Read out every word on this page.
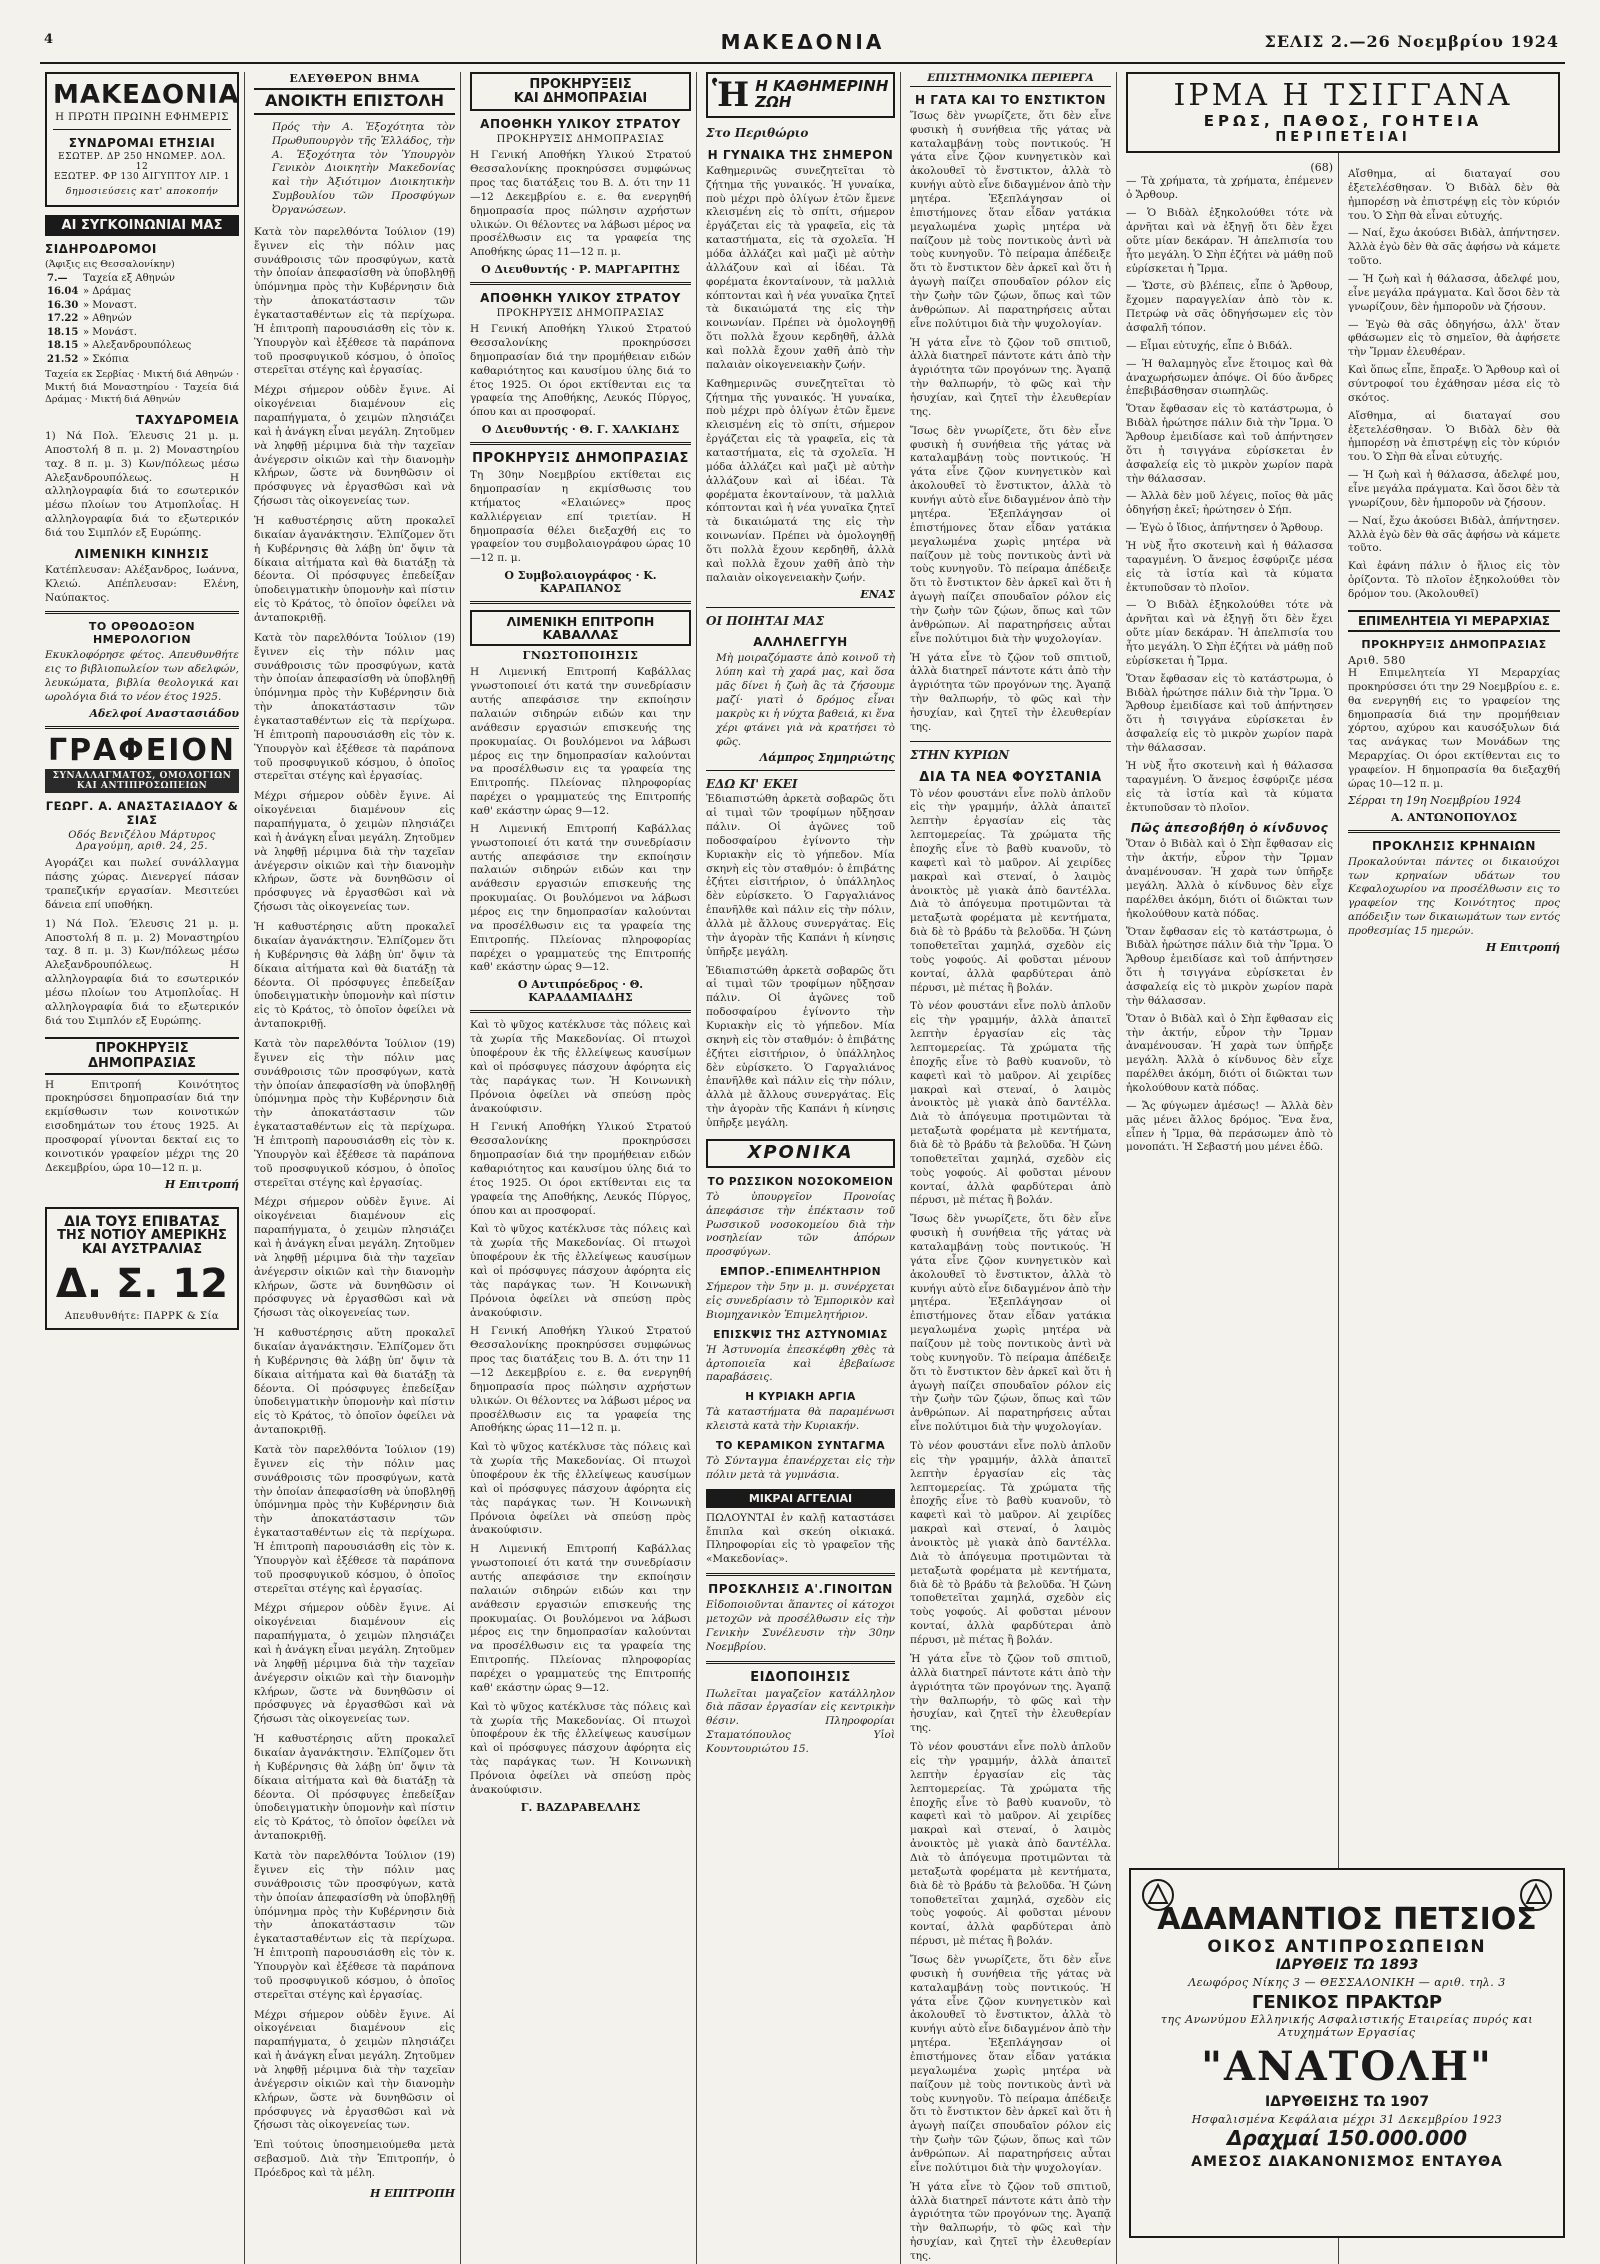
4	ΜΑΚΕΔΟΝΙΑ	ΣΕΛΙΣ 2.—26 Νοεμβρίου 1924
ΜΑΚΕΔΟΝΙΑ
Η ΠΡΩΤΗ ΠΡΩΙΝΗ ΕΦΗΜΕΡΙΣ
ΣΥΝΔΡΟΜΑΙ ΕΤΗΣΙΑΙ
ΕΣΩΤΕΡ. ΔΡ 250 ΗΝΩΜΕΡ. ΔΟΛ. 12
ΕΞΩΤΕΡ. ΦΡ 130 ΑΙΓΥΠΤΟΥ ΛΙΡ. 1
δημοσιεύσεις κατ' αποκοπήν
ΑΙ ΣΥΓΚΟΙΝΩΝΙΑΙ ΜΑΣ
ΣΙΔΗΡΟΔΡΟΜΟΙ
(Άφιξις εις Θεσσαλονίκην)
7.—	Ταχεία εξ Αθηνών
16.04	» Δράμας
16.30	» Μοναστ.
17.22	» Αθηνών
18.15	» Μονάστ.
18.15	» Αλεξανδρουπόλεως
21.52	» Σκόπια
Ταχεία εκ Σερβίας · Μικτή διά Αθηνών · Μικτή διά Μοναστηρίου · Ταχεία διά Δράμας · Μικτή διά Αθηνών
ΤΑΧΥΔΡΟΜΕΙΑ
1) Νά Πολ. Έλευσις 21 μ. μ. Αποστολή 8 π. μ. 2) Μοναστηρίου ταχ. 8 π. μ. 3) Κων/πόλεως μέσω Αλεξανδρουπόλεως. Η αλληλογραφία διά το εσωτερικόν μέσω πλοίων του Ατμοπλοΐας. Η αλληλογραφία διά το εξωτερικόν διά του Σιμπλόν εξ Ευρώπης.
ΛΙΜΕΝΙΚΗ ΚΙΝΗΣΙΣ
Κατέπλευσαν: Αλέξανδρος, Ιωάννα, Κλειώ. Απέπλευσαν: Ελένη, Ναύπακτος.
ΤΟ ΟΡΘΟΔΟΞΟΝ ΗΜΕΡΟΛΟΓΙΟΝ
Εκυκλοφόρησε φέτος. Απευθυνθήτε εις το βιβλιοπωλείον των αδελφών, λευκώματα, βιβλία θεολογικά και ωρολόγια διά το νέον έτος 1925.
Αδελφοί Αναστασιάδου
ΓΡΑΦΕΙΟΝ
ΣΥΝΑΛΛΑΓΜΑΤΟΣ, ΟΜΟΛΟΓΙΩΝ ΚΑΙ ΑΝΤΙΠΡΟΣΩΠΕΙΩΝ
ΓΕΩΡΓ. Α. ΑΝΑΣΤΑΣΙΑΔΟΥ & ΣΙΑΣ
Οδός Βενιζέλου Μάρτυρος Δραγούμη, αριθ. 24, 25.
Αγοράζει και πωλεί συνάλλαγμα πάσης χώρας. Διενεργεί πάσαν τραπεζικήν εργασίαν. Μεσιτεύει δάνεια επί υποθήκη.
1) Νά Πολ. Έλευσις 21 μ. μ. Αποστολή 8 π. μ. 2) Μοναστηρίου ταχ. 8 π. μ. 3) Κων/πόλεως μέσω Αλεξανδρουπόλεως. Η αλληλογραφία διά το εσωτερικόν μέσω πλοίων του Ατμοπλοΐας. Η αλληλογραφία διά το εξωτερικόν διά του Σιμπλόν εξ Ευρώπης.
ΠΡΟΚΗΡΥΞΙΣ ΔΗΜΟΠΡΑΣΙΑΣ
Η Επιτροπή Κοινότητος προκηρύσσει δημοπρασίαν διά την εκμίσθωσιν των κοινοτικών εισοδημάτων του έτους 1925. Αι προσφοραί γίνονται δεκταί εις το κοινοτικόν γραφείον μέχρι της 20 Δεκεμβρίου, ώρα 10—12 π. μ.
Η Επιτροπή
ΔΙΑ ΤΟΥΣ ΕΠΙΒΑΤΑΣ
ΤΗΣ ΝΟΤΙΟΥ ΑΜΕΡΙΚΗΣ
ΚΑΙ ΑΥΣΤΡΑΛΙΑΣ
Δ. Σ. 12
Απευθυνθήτε: ΠΑΡΡΚ & Σία
ΕΛΕΥΘΕΡΟΝ ΒΗΜΑ
ΑΝΟΙΚΤΗ ΕΠΙΣΤΟΛΗ
Πρός τὴν Α. Ἐξοχότητα τὸν Πρωθυπουργὸν τῆς Ἑλλάδος, τὴν Α. Ἐξοχότητα τὸν Ὑπουργὸν Γενικὸν Διοικητὴν Μακεδονίας καὶ τὴν Ἀξιότιμον Διοικητικὴν Συμβουλίου τῶν Προσφύγων Ὀργανώσεων.
Κατὰ τὸν παρελθόντα Ἰούλιον (19) ἔγινεν εἰς τὴν πόλιν μας συνάθροισις τῶν προσφύγων, κατὰ τὴν ὁποίαν ἀπεφασίσθη νὰ ὑποβληθῇ ὑπόμνημα πρὸς τὴν Κυβέρνησιν διὰ τὴν ἀποκατάστασιν τῶν ἐγκατασταθέντων εἰς τὰ περίχωρα. Ἡ ἐπιτροπὴ παρουσιάσθη εἰς τὸν κ. Ὑπουργὸν καὶ ἐξέθεσε τὰ παράπονα τοῦ προσφυγικοῦ κόσμου, ὁ ὁποῖος στερεῖται στέγης καὶ ἐργασίας.
Μέχρι σήμερον οὐδὲν ἔγινε. Αἱ οἰκογένειαι διαμένουν εἰς παραπήγματα, ὁ χειμὼν πλησιάζει καὶ ἡ ἀνάγκη εἶναι μεγάλη. Ζητοῦμεν νὰ ληφθῇ μέριμνα διὰ τὴν ταχεῖαν ἀνέγερσιν οἰκιῶν καὶ τὴν διανομὴν κλήρων, ὥστε νὰ δυνηθῶσιν οἱ πρόσφυγες νὰ ἐργασθῶσι καὶ νὰ ζήσωσι τὰς οἰκογενείας των.
Ἡ καθυστέρησις αὕτη προκαλεῖ δικαίαν ἀγανάκτησιν. Ἐλπίζομεν ὅτι ἡ Κυβέρνησις θὰ λάβῃ ὑπ' ὄψιν τὰ δίκαια αἰτήματα καὶ θὰ διατάξῃ τὰ δέοντα. Οἱ πρόσφυγες ἐπεδείξαν ὑποδειγματικὴν ὑπομονὴν καὶ πίστιν εἰς τὸ Κράτος, τὸ ὁποῖον ὀφείλει νὰ ἀνταποκριθῇ.
Κατὰ τὸν παρελθόντα Ἰούλιον (19) ἔγινεν εἰς τὴν πόλιν μας συνάθροισις τῶν προσφύγων, κατὰ τὴν ὁποίαν ἀπεφασίσθη νὰ ὑποβληθῇ ὑπόμνημα πρὸς τὴν Κυβέρνησιν διὰ τὴν ἀποκατάστασιν τῶν ἐγκατασταθέντων εἰς τὰ περίχωρα. Ἡ ἐπιτροπὴ παρουσιάσθη εἰς τὸν κ. Ὑπουργὸν καὶ ἐξέθεσε τὰ παράπονα τοῦ προσφυγικοῦ κόσμου, ὁ ὁποῖος στερεῖται στέγης καὶ ἐργασίας.
Μέχρι σήμερον οὐδὲν ἔγινε. Αἱ οἰκογένειαι διαμένουν εἰς παραπήγματα, ὁ χειμὼν πλησιάζει καὶ ἡ ἀνάγκη εἶναι μεγάλη. Ζητοῦμεν νὰ ληφθῇ μέριμνα διὰ τὴν ταχεῖαν ἀνέγερσιν οἰκιῶν καὶ τὴν διανομὴν κλήρων, ὥστε νὰ δυνηθῶσιν οἱ πρόσφυγες νὰ ἐργασθῶσι καὶ νὰ ζήσωσι τὰς οἰκογενείας των.
Ἡ καθυστέρησις αὕτη προκαλεῖ δικαίαν ἀγανάκτησιν. Ἐλπίζομεν ὅτι ἡ Κυβέρνησις θὰ λάβῃ ὑπ' ὄψιν τὰ δίκαια αἰτήματα καὶ θὰ διατάξῃ τὰ δέοντα. Οἱ πρόσφυγες ἐπεδείξαν ὑποδειγματικὴν ὑπομονὴν καὶ πίστιν εἰς τὸ Κράτος, τὸ ὁποῖον ὀφείλει νὰ ἀνταποκριθῇ.
Κατὰ τὸν παρελθόντα Ἰούλιον (19) ἔγινεν εἰς τὴν πόλιν μας συνάθροισις τῶν προσφύγων, κατὰ τὴν ὁποίαν ἀπεφασίσθη νὰ ὑποβληθῇ ὑπόμνημα πρὸς τὴν Κυβέρνησιν διὰ τὴν ἀποκατάστασιν τῶν ἐγκατασταθέντων εἰς τὰ περίχωρα. Ἡ ἐπιτροπὴ παρουσιάσθη εἰς τὸν κ. Ὑπουργὸν καὶ ἐξέθεσε τὰ παράπονα τοῦ προσφυγικοῦ κόσμου, ὁ ὁποῖος στερεῖται στέγης καὶ ἐργασίας.
Μέχρι σήμερον οὐδὲν ἔγινε. Αἱ οἰκογένειαι διαμένουν εἰς παραπήγματα, ὁ χειμὼν πλησιάζει καὶ ἡ ἀνάγκη εἶναι μεγάλη. Ζητοῦμεν νὰ ληφθῇ μέριμνα διὰ τὴν ταχεῖαν ἀνέγερσιν οἰκιῶν καὶ τὴν διανομὴν κλήρων, ὥστε νὰ δυνηθῶσιν οἱ πρόσφυγες νὰ ἐργασθῶσι καὶ νὰ ζήσωσι τὰς οἰκογενείας των.
Ἡ καθυστέρησις αὕτη προκαλεῖ δικαίαν ἀγανάκτησιν. Ἐλπίζομεν ὅτι ἡ Κυβέρνησις θὰ λάβῃ ὑπ' ὄψιν τὰ δίκαια αἰτήματα καὶ θὰ διατάξῃ τὰ δέοντα. Οἱ πρόσφυγες ἐπεδείξαν ὑποδειγματικὴν ὑπομονὴν καὶ πίστιν εἰς τὸ Κράτος, τὸ ὁποῖον ὀφείλει νὰ ἀνταποκριθῇ.
Κατὰ τὸν παρελθόντα Ἰούλιον (19) ἔγινεν εἰς τὴν πόλιν μας συνάθροισις τῶν προσφύγων, κατὰ τὴν ὁποίαν ἀπεφασίσθη νὰ ὑποβληθῇ ὑπόμνημα πρὸς τὴν Κυβέρνησιν διὰ τὴν ἀποκατάστασιν τῶν ἐγκατασταθέντων εἰς τὰ περίχωρα. Ἡ ἐπιτροπὴ παρουσιάσθη εἰς τὸν κ. Ὑπουργὸν καὶ ἐξέθεσε τὰ παράπονα τοῦ προσφυγικοῦ κόσμου, ὁ ὁποῖος στερεῖται στέγης καὶ ἐργασίας.
Μέχρι σήμερον οὐδὲν ἔγινε. Αἱ οἰκογένειαι διαμένουν εἰς παραπήγματα, ὁ χειμὼν πλησιάζει καὶ ἡ ἀνάγκη εἶναι μεγάλη. Ζητοῦμεν νὰ ληφθῇ μέριμνα διὰ τὴν ταχεῖαν ἀνέγερσιν οἰκιῶν καὶ τὴν διανομὴν κλήρων, ὥστε νὰ δυνηθῶσιν οἱ πρόσφυγες νὰ ἐργασθῶσι καὶ νὰ ζήσωσι τὰς οἰκογενείας των.
Ἡ καθυστέρησις αὕτη προκαλεῖ δικαίαν ἀγανάκτησιν. Ἐλπίζομεν ὅτι ἡ Κυβέρνησις θὰ λάβῃ ὑπ' ὄψιν τὰ δίκαια αἰτήματα καὶ θὰ διατάξῃ τὰ δέοντα. Οἱ πρόσφυγες ἐπεδείξαν ὑποδειγματικὴν ὑπομονὴν καὶ πίστιν εἰς τὸ Κράτος, τὸ ὁποῖον ὀφείλει νὰ ἀνταποκριθῇ.
Κατὰ τὸν παρελθόντα Ἰούλιον (19) ἔγινεν εἰς τὴν πόλιν μας συνάθροισις τῶν προσφύγων, κατὰ τὴν ὁποίαν ἀπεφασίσθη νὰ ὑποβληθῇ ὑπόμνημα πρὸς τὴν Κυβέρνησιν διὰ τὴν ἀποκατάστασιν τῶν ἐγκατασταθέντων εἰς τὰ περίχωρα. Ἡ ἐπιτροπὴ παρουσιάσθη εἰς τὸν κ. Ὑπουργὸν καὶ ἐξέθεσε τὰ παράπονα τοῦ προσφυγικοῦ κόσμου, ὁ ὁποῖος στερεῖται στέγης καὶ ἐργασίας.
Μέχρι σήμερον οὐδὲν ἔγινε. Αἱ οἰκογένειαι διαμένουν εἰς παραπήγματα, ὁ χειμὼν πλησιάζει καὶ ἡ ἀνάγκη εἶναι μεγάλη. Ζητοῦμεν νὰ ληφθῇ μέριμνα διὰ τὴν ταχεῖαν ἀνέγερσιν οἰκιῶν καὶ τὴν διανομὴν κλήρων, ὥστε νὰ δυνηθῶσιν οἱ πρόσφυγες νὰ ἐργασθῶσι καὶ νὰ ζήσωσι τὰς οἰκογενείας των.
Ἐπὶ τούτοις ὑποσημειούμεθα μετὰ σεβασμοῦ. Διὰ τὴν Ἐπιτροπήν, ὁ Πρόεδρος καὶ τὰ μέλη.
Η ΕΠΙΤΡΟΠΗ
ΠΡΟΚΗΡΥΞΕΙΣ
ΚΑΙ ΔΗΜΟΠΡΑΣΙΑΙ
ΑΠΟΘΗΚΗ ΥΛΙΚΟΥ ΣΤΡΑΤΟΥ
ΠΡΟΚΗΡΥΞΙΣ ΔΗΜΟΠΡΑΣΙΑΣ
Η Γενική Αποθήκη Υλικού Στρατού Θεσσαλονίκης προκηρύσσει συμφώνως προς τας διατάξεις του Β. Δ. ότι την 11—12 Δεκεμβρίου ε. ε. θα ενεργηθή δημοπρασία προς πώλησιν αχρήστων υλικών. Οι θέλοντες να λάβωσι μέρος να προσέλθωσιν εις τα γραφεία της Αποθήκης ώρας 11—12 π. μ.
Ο Διευθυντής · Ρ. ΜΑΡΓΑΡΙΤΗΣ
ΑΠΟΘΗΚΗ ΥΛΙΚΟΥ ΣΤΡΑΤΟΥ
ΠΡΟΚΗΡΥΞΙΣ ΔΗΜΟΠΡΑΣΙΑΣ
Η Γενική Αποθήκη Υλικού Στρατού Θεσσαλονίκης προκηρύσσει δημοπρασίαν διά την προμήθειαν ειδών καθαριότητος και καυσίμου ύλης διά το έτος 1925. Οι όροι εκτίθενται εις τα γραφεία της Αποθήκης, Λευκός Πύργος, όπου και αι προσφοραί.
Ο Διευθυντής · Θ. Γ. ΧΑΛΚΙΔΗΣ
ΠΡΟΚΗΡΥΞΙΣ ΔΗΜΟΠΡΑΣΙΑΣ
Τη 30ην Νοεμβρίου εκτίθεται εις δημοπρασίαν η εκμίσθωσις του κτήματος «Ελαιώνες» προς καλλιέργειαν επί τριετίαν. Η δημοπρασία θέλει διεξαχθή εις το γραφείον του συμβολαιογράφου ώρας 10—12 π. μ.
Ο Συμβολαιογράφος · Κ. ΚΑΡΑΠΑΝΟΣ
ΛΙΜΕΝΙΚΗ ΕΠΙΤΡΟΠΗ ΚΑΒΑΛΛΑΣ
ΓΝΩΣΤΟΠΟΙΗΣΙΣ
Η Λιμενική Επιτροπή Καβάλλας γνωστοποιεί ότι κατά την συνεδρίασιν αυτής απεφάσισε την εκποίησιν παλαιών σιδηρών ειδών και την ανάθεσιν εργασιών επισκευής της προκυμαίας. Οι βουλόμενοι να λάβωσι μέρος εις την δημοπρασίαν καλούνται να προσέλθωσιν εις τα γραφεία της Επιτροπής. Πλείονας πληροφορίας παρέχει ο γραμματεύς της Επιτροπής καθ' εκάστην ώρας 9—12.
Η Λιμενική Επιτροπή Καβάλλας γνωστοποιεί ότι κατά την συνεδρίασιν αυτής απεφάσισε την εκποίησιν παλαιών σιδηρών ειδών και την ανάθεσιν εργασιών επισκευής της προκυμαίας. Οι βουλόμενοι να λάβωσι μέρος εις την δημοπρασίαν καλούνται να προσέλθωσιν εις τα γραφεία της Επιτροπής. Πλείονας πληροφορίας παρέχει ο γραμματεύς της Επιτροπής καθ' εκάστην ώρας 9—12.
Ο Αντιπρόεδρος · Θ. ΚΑΡΑΔΑΜΙΑΔΗΣ
Καὶ τὸ ψῦχος κατέκλυσε τὰς πόλεις καὶ τὰ χωρία τῆς Μακεδονίας. Οἱ πτωχοὶ ὑποφέρουν ἐκ τῆς ἐλλείψεως καυσίμων καὶ οἱ πρόσφυγες πάσχουν ἀφόρητα εἰς τὰς παράγκας των. Ἡ Κοινωνικὴ Πρόνοια ὀφείλει νὰ σπεύσῃ πρὸς ἀνακούφισιν.
Η Γενική Αποθήκη Υλικού Στρατού Θεσσαλονίκης προκηρύσσει δημοπρασίαν διά την προμήθειαν ειδών καθαριότητος και καυσίμου ύλης διά το έτος 1925. Οι όροι εκτίθενται εις τα γραφεία της Αποθήκης, Λευκός Πύργος, όπου και αι προσφοραί.
Καὶ τὸ ψῦχος κατέκλυσε τὰς πόλεις καὶ τὰ χωρία τῆς Μακεδονίας. Οἱ πτωχοὶ ὑποφέρουν ἐκ τῆς ἐλλείψεως καυσίμων καὶ οἱ πρόσφυγες πάσχουν ἀφόρητα εἰς τὰς παράγκας των. Ἡ Κοινωνικὴ Πρόνοια ὀφείλει νὰ σπεύσῃ πρὸς ἀνακούφισιν.
Η Γενική Αποθήκη Υλικού Στρατού Θεσσαλονίκης προκηρύσσει συμφώνως προς τας διατάξεις του Β. Δ. ότι την 11—12 Δεκεμβρίου ε. ε. θα ενεργηθή δημοπρασία προς πώλησιν αχρήστων υλικών. Οι θέλοντες να λάβωσι μέρος να προσέλθωσιν εις τα γραφεία της Αποθήκης ώρας 11—12 π. μ.
Καὶ τὸ ψῦχος κατέκλυσε τὰς πόλεις καὶ τὰ χωρία τῆς Μακεδονίας. Οἱ πτωχοὶ ὑποφέρουν ἐκ τῆς ἐλλείψεως καυσίμων καὶ οἱ πρόσφυγες πάσχουν ἀφόρητα εἰς τὰς παράγκας των. Ἡ Κοινωνικὴ Πρόνοια ὀφείλει νὰ σπεύσῃ πρὸς ἀνακούφισιν.
Η Λιμενική Επιτροπή Καβάλλας γνωστοποιεί ότι κατά την συνεδρίασιν αυτής απεφάσισε την εκποίησιν παλαιών σιδηρών ειδών και την ανάθεσιν εργασιών επισκευής της προκυμαίας. Οι βουλόμενοι να λάβωσι μέρος εις την δημοπρασίαν καλούνται να προσέλθωσιν εις τα γραφεία της Επιτροπής. Πλείονας πληροφορίας παρέχει ο γραμματεύς της Επιτροπής καθ' εκάστην ώρας 9—12.
Καὶ τὸ ψῦχος κατέκλυσε τὰς πόλεις καὶ τὰ χωρία τῆς Μακεδονίας. Οἱ πτωχοὶ ὑποφέρουν ἐκ τῆς ἐλλείψεως καυσίμων καὶ οἱ πρόσφυγες πάσχουν ἀφόρητα εἰς τὰς παράγκας των. Ἡ Κοινωνικὴ Πρόνοια ὀφείλει νὰ σπεύσῃ πρὸς ἀνακούφισιν.
Γ. ΒΑΖΔΡΑΒΕΛΛΗΣ
Ἡ Η ΚΑΘΗΜΕΡΙΝΗ ΖΩΗ
Στο Περιθώριο
Η ΓΥΝΑΙΚΑ ΤΗΣ ΣΗΜΕΡΟΝ
Καθημερινῶς συνεζητεῖται τὸ ζήτημα τῆς γυναικός. Ἡ γυναίκα, ποὺ μέχρι πρὸ ὀλίγων ἐτῶν ἔμενε κλεισμένη εἰς τὸ σπίτι, σήμερον ἐργάζεται εἰς τὰ γραφεῖα, εἰς τὰ καταστήματα, εἰς τὰ σχολεῖα. Ἡ μόδα ἀλλάζει καὶ μαζὶ μὲ αὐτὴν ἀλλάζουν καὶ αἱ ἰδέαι. Τὰ φορέματα ἐκονταίνουν, τὰ μαλλιὰ κόπτονται καὶ ἡ νέα γυναῖκα ζητεῖ τὰ δικαιώματά της εἰς τὴν κοινωνίαν. Πρέπει νὰ ὁμολογηθῇ ὅτι πολλὰ ἔχουν κερδηθῆ, ἀλλὰ καὶ πολλὰ ἔχουν χαθῆ ἀπὸ τὴν παλαιὰν οἰκογενειακὴν ζωήν.
Καθημερινῶς συνεζητεῖται τὸ ζήτημα τῆς γυναικός. Ἡ γυναίκα, ποὺ μέχρι πρὸ ὀλίγων ἐτῶν ἔμενε κλεισμένη εἰς τὸ σπίτι, σήμερον ἐργάζεται εἰς τὰ γραφεῖα, εἰς τὰ καταστήματα, εἰς τὰ σχολεῖα. Ἡ μόδα ἀλλάζει καὶ μαζὶ μὲ αὐτὴν ἀλλάζουν καὶ αἱ ἰδέαι. Τὰ φορέματα ἐκονταίνουν, τὰ μαλλιὰ κόπτονται καὶ ἡ νέα γυναῖκα ζητεῖ τὰ δικαιώματά της εἰς τὴν κοινωνίαν. Πρέπει νὰ ὁμολογηθῇ ὅτι πολλὰ ἔχουν κερδηθῆ, ἀλλὰ καὶ πολλὰ ἔχουν χαθῆ ἀπὸ τὴν παλαιὰν οἰκογενειακὴν ζωήν.
ΕΝΑΣ
ΟΙ ΠΟΙΗΤΑΙ ΜΑΣ
ΑΛΛΗΛΕΓΓΥΗ
Μὴ μοιραζόμαστε ἀπὸ κοινοῦ τὴ λύπη καὶ τὴ χαρά μας, καὶ ὅσα μᾶς δίνει ἡ ζωὴ ἂς τὰ ζήσουμε μαζί· γιατὶ ὁ δρόμος εἶναι μακρὺς κι ἡ νύχτα βαθειά, κι ἕνα χέρι φτάνει γιὰ νὰ κρατήσει τὸ φῶς.
Λάμπρος Σημηριώτης
ΕΔΩ ΚΙ' ΕΚΕΙ
Ἐδιαπιστώθη ἀρκετὰ σοβαρῶς ὅτι αἱ τιμαὶ τῶν τροφίμων ηὔξησαν πάλιν. Οἱ ἀγῶνες τοῦ ποδοσφαίρου ἐγίνοντο τὴν Κυριακὴν εἰς τὸ γήπεδον. Μία σκηνὴ εἰς τὸν σταθμόν: ὁ ἐπιβάτης ἐζήτει εἰσιτήριον, ὁ ὑπάλληλος δὲν εὑρίσκετο. Ὁ Γαργαλιάνος ἐπανῆλθε καὶ πάλιν εἰς τὴν πόλιν, ἀλλὰ μὲ ἄλλους συνεργάτας. Εἰς τὴν ἀγορὰν τῆς Καπάνι ἡ κίνησις ὑπῆρξε μεγάλη.
Ἐδιαπιστώθη ἀρκετὰ σοβαρῶς ὅτι αἱ τιμαὶ τῶν τροφίμων ηὔξησαν πάλιν. Οἱ ἀγῶνες τοῦ ποδοσφαίρου ἐγίνοντο τὴν Κυριακὴν εἰς τὸ γήπεδον. Μία σκηνὴ εἰς τὸν σταθμόν: ὁ ἐπιβάτης ἐζήτει εἰσιτήριον, ὁ ὑπάλληλος δὲν εὑρίσκετο. Ὁ Γαργαλιάνος ἐπανῆλθε καὶ πάλιν εἰς τὴν πόλιν, ἀλλὰ μὲ ἄλλους συνεργάτας. Εἰς τὴν ἀγορὰν τῆς Καπάνι ἡ κίνησις ὑπῆρξε μεγάλη.
ΧΡΟΝΙΚΑ
ΤΟ ΡΩΣΣΙΚΟΝ ΝΟΣΟΚΟΜΕΙΟΝ
Τὸ ὑπουργεῖον Προνοίας ἀπεφάσισε τὴν ἐπέκτασιν τοῦ Ρωσσικοῦ νοσοκομείου διὰ τὴν νοσηλείαν τῶν ἀπόρων προσφύγων.
ΕΜΠΟΡ.-ΕΠΙΜΕΛΗΤΗΡΙΟΝ
Σήμερον τὴν 5ην μ. μ. συνέρχεται εἰς συνεδρίασιν τὸ Ἐμπορικὸν καὶ Βιομηχανικὸν Ἐπιμελητήριον.
ΕΠΙΣΚΨΙΣ ΤΗΣ ΑΣΤΥΝΟΜΙΑΣ
Ἡ Ἀστυνομία ἐπεσκέφθη χθὲς τὰ ἀρτοποιεῖα καὶ ἐβεβαίωσε παραβάσεις.
Η ΚΥΡΙΑΚΗ ΑΡΓΙΑ
Τὰ καταστήματα θὰ παραμένωσι κλειστὰ κατὰ τὴν Κυριακήν.
ΤΟ ΚΕΡΑΜΙΚΟΝ ΣΥΝΤΑΓΜΑ
Τὸ Σύνταγμα ἐπανέρχεται εἰς τὴν πόλιν μετὰ τὰ γυμνάσια.
ΜΙΚΡΑΙ ΑΓΓΕΛΙΑΙ
ΠΩΛΟΥΝΤΑΙ ἐν καλῇ καταστάσει ἔπιπλα καὶ σκεύη οἰκιακά. Πληροφορίαι εἰς τὸ γραφεῖον τῆς «Μακεδονίας».
ΠΡΟΣΚΛΗΣΙΣ Α'.ΓΙΝΟΙΤΩΝ
Εἰδοποιοῦνται ἅπαντες οἱ κάτοχοι μετοχῶν νὰ προσέλθωσιν εἰς τὴν Γενικὴν Συνέλευσιν τὴν 30ην Νοεμβρίου.
ΕΙΔΟΠΟΙΗΣΙΣ
Πωλεῖται μαγαζεῖον κατάλληλον διὰ πᾶσαν ἐργασίαν εἰς κεντρικὴν θέσιν. Πληροφορίαι Σταματόπουλος Υἱοὶ Κουντουριώτου 15.
ΕΠΙΣΤΗΜΟΝΙΚΑ ΠΕΡΙΕΡΓΑ
Η ΓΑΤΑ ΚΑΙ ΤΟ ΕΝΣΤΙΚΤΟΝ
Ἴσως δὲν γνωρίζετε, ὅτι δὲν εἶνε φυσικὴ ἡ συνήθεια τῆς γάτας νὰ καταλαμβάνῃ τοὺς ποντικούς. Ἡ γάτα εἶνε ζῷον κυνηγετικὸν καὶ ἀκολουθεῖ τὸ ἔνστικτον, ἀλλὰ τὸ κυνήγι αὐτὸ εἶνε διδαγμένον ἀπὸ τὴν μητέρα. Ἐξεπλάγησαν οἱ ἐπιστήμονες ὅταν εἶδαν γατάκια μεγαλωμένα χωρὶς μητέρα νὰ παίζουν μὲ τοὺς ποντικοὺς ἀντὶ νὰ τοὺς κυνηγοῦν. Τὸ πείραμα ἀπέδειξε ὅτι τὸ ἔνστικτον δὲν ἀρκεῖ καὶ ὅτι ἡ ἀγωγὴ παίζει σπουδαῖον ρόλον εἰς τὴν ζωὴν τῶν ζῴων, ὅπως καὶ τῶν ἀνθρώπων. Αἱ παρατηρήσεις αὗται εἶνε πολύτιμοι διὰ τὴν ψυχολογίαν.
Ἡ γάτα εἶνε τὸ ζῷον τοῦ σπιτιοῦ, ἀλλὰ διατηρεῖ πάντοτε κάτι ἀπὸ τὴν ἀγριότητα τῶν προγόνων της. Ἀγαπᾷ τὴν θαλπωρήν, τὸ φῶς καὶ τὴν ἡσυχίαν, καὶ ζητεῖ τὴν ἐλευθερίαν της.
Ἴσως δὲν γνωρίζετε, ὅτι δὲν εἶνε φυσικὴ ἡ συνήθεια τῆς γάτας νὰ καταλαμβάνῃ τοὺς ποντικούς. Ἡ γάτα εἶνε ζῷον κυνηγετικὸν καὶ ἀκολουθεῖ τὸ ἔνστικτον, ἀλλὰ τὸ κυνήγι αὐτὸ εἶνε διδαγμένον ἀπὸ τὴν μητέρα. Ἐξεπλάγησαν οἱ ἐπιστήμονες ὅταν εἶδαν γατάκια μεγαλωμένα χωρὶς μητέρα νὰ παίζουν μὲ τοὺς ποντικοὺς ἀντὶ νὰ τοὺς κυνηγοῦν. Τὸ πείραμα ἀπέδειξε ὅτι τὸ ἔνστικτον δὲν ἀρκεῖ καὶ ὅτι ἡ ἀγωγὴ παίζει σπουδαῖον ρόλον εἰς τὴν ζωὴν τῶν ζῴων, ὅπως καὶ τῶν ἀνθρώπων. Αἱ παρατηρήσεις αὗται εἶνε πολύτιμοι διὰ τὴν ψυχολογίαν.
Ἡ γάτα εἶνε τὸ ζῷον τοῦ σπιτιοῦ, ἀλλὰ διατηρεῖ πάντοτε κάτι ἀπὸ τὴν ἀγριότητα τῶν προγόνων της. Ἀγαπᾷ τὴν θαλπωρήν, τὸ φῶς καὶ τὴν ἡσυχίαν, καὶ ζητεῖ τὴν ἐλευθερίαν της.
ΣΤΗΝ ΚΥΡΙΩΝ
ΔΙΑ ΤΑ ΝΕΑ ΦΟΥΣΤΑΝΙΑ
Τὸ νέον φουστάνι εἶνε πολὺ ἁπλοῦν εἰς τὴν γραμμήν, ἀλλὰ ἀπαιτεῖ λεπτὴν ἐργασίαν εἰς τὰς λεπτομερείας. Τὰ χρώματα τῆς ἐποχῆς εἶνε τὸ βαθὺ κυανοῦν, τὸ καφετὶ καὶ τὸ μαῦρον. Αἱ χειρίδες μακραὶ καὶ στεναί, ὁ λαιμὸς ἀνοικτὸς μὲ γιακὰ ἀπὸ δαντέλλα. Διὰ τὸ ἀπόγευμα προτιμῶνται τὰ μεταξωτὰ φορέματα μὲ κεντήματα, διὰ δὲ τὸ βράδυ τὰ βελοῦδα. Ἡ ζώνη τοποθετεῖται χαμηλά, σχεδὸν εἰς τοὺς γοφούς. Αἱ φοῦσται μένουν κονταί, ἀλλὰ φαρδύτεραι ἀπὸ πέρυσι, μὲ πιέτας ἢ βολάν.
Τὸ νέον φουστάνι εἶνε πολὺ ἁπλοῦν εἰς τὴν γραμμήν, ἀλλὰ ἀπαιτεῖ λεπτὴν ἐργασίαν εἰς τὰς λεπτομερείας. Τὰ χρώματα τῆς ἐποχῆς εἶνε τὸ βαθὺ κυανοῦν, τὸ καφετὶ καὶ τὸ μαῦρον. Αἱ χειρίδες μακραὶ καὶ στεναί, ὁ λαιμὸς ἀνοικτὸς μὲ γιακὰ ἀπὸ δαντέλλα. Διὰ τὸ ἀπόγευμα προτιμῶνται τὰ μεταξωτὰ φορέματα μὲ κεντήματα, διὰ δὲ τὸ βράδυ τὰ βελοῦδα. Ἡ ζώνη τοποθετεῖται χαμηλά, σχεδὸν εἰς τοὺς γοφούς. Αἱ φοῦσται μένουν κονταί, ἀλλὰ φαρδύτεραι ἀπὸ πέρυσι, μὲ πιέτας ἢ βολάν.
Ἴσως δὲν γνωρίζετε, ὅτι δὲν εἶνε φυσικὴ ἡ συνήθεια τῆς γάτας νὰ καταλαμβάνῃ τοὺς ποντικούς. Ἡ γάτα εἶνε ζῷον κυνηγετικὸν καὶ ἀκολουθεῖ τὸ ἔνστικτον, ἀλλὰ τὸ κυνήγι αὐτὸ εἶνε διδαγμένον ἀπὸ τὴν μητέρα. Ἐξεπλάγησαν οἱ ἐπιστήμονες ὅταν εἶδαν γατάκια μεγαλωμένα χωρὶς μητέρα νὰ παίζουν μὲ τοὺς ποντικοὺς ἀντὶ νὰ τοὺς κυνηγοῦν. Τὸ πείραμα ἀπέδειξε ὅτι τὸ ἔνστικτον δὲν ἀρκεῖ καὶ ὅτι ἡ ἀγωγὴ παίζει σπουδαῖον ρόλον εἰς τὴν ζωὴν τῶν ζῴων, ὅπως καὶ τῶν ἀνθρώπων. Αἱ παρατηρήσεις αὗται εἶνε πολύτιμοι διὰ τὴν ψυχολογίαν.
Τὸ νέον φουστάνι εἶνε πολὺ ἁπλοῦν εἰς τὴν γραμμήν, ἀλλὰ ἀπαιτεῖ λεπτὴν ἐργασίαν εἰς τὰς λεπτομερείας. Τὰ χρώματα τῆς ἐποχῆς εἶνε τὸ βαθὺ κυανοῦν, τὸ καφετὶ καὶ τὸ μαῦρον. Αἱ χειρίδες μακραὶ καὶ στεναί, ὁ λαιμὸς ἀνοικτὸς μὲ γιακὰ ἀπὸ δαντέλλα. Διὰ τὸ ἀπόγευμα προτιμῶνται τὰ μεταξωτὰ φορέματα μὲ κεντήματα, διὰ δὲ τὸ βράδυ τὰ βελοῦδα. Ἡ ζώνη τοποθετεῖται χαμηλά, σχεδὸν εἰς τοὺς γοφούς. Αἱ φοῦσται μένουν κονταί, ἀλλὰ φαρδύτεραι ἀπὸ πέρυσι, μὲ πιέτας ἢ βολάν.
Ἡ γάτα εἶνε τὸ ζῷον τοῦ σπιτιοῦ, ἀλλὰ διατηρεῖ πάντοτε κάτι ἀπὸ τὴν ἀγριότητα τῶν προγόνων της. Ἀγαπᾷ τὴν θαλπωρήν, τὸ φῶς καὶ τὴν ἡσυχίαν, καὶ ζητεῖ τὴν ἐλευθερίαν της.
Τὸ νέον φουστάνι εἶνε πολὺ ἁπλοῦν εἰς τὴν γραμμήν, ἀλλὰ ἀπαιτεῖ λεπτὴν ἐργασίαν εἰς τὰς λεπτομερείας. Τὰ χρώματα τῆς ἐποχῆς εἶνε τὸ βαθὺ κυανοῦν, τὸ καφετὶ καὶ τὸ μαῦρον. Αἱ χειρίδες μακραὶ καὶ στεναί, ὁ λαιμὸς ἀνοικτὸς μὲ γιακὰ ἀπὸ δαντέλλα. Διὰ τὸ ἀπόγευμα προτιμῶνται τὰ μεταξωτὰ φορέματα μὲ κεντήματα, διὰ δὲ τὸ βράδυ τὰ βελοῦδα. Ἡ ζώνη τοποθετεῖται χαμηλά, σχεδὸν εἰς τοὺς γοφούς. Αἱ φοῦσται μένουν κονταί, ἀλλὰ φαρδύτεραι ἀπὸ πέρυσι, μὲ πιέτας ἢ βολάν.
Ἴσως δὲν γνωρίζετε, ὅτι δὲν εἶνε φυσικὴ ἡ συνήθεια τῆς γάτας νὰ καταλαμβάνῃ τοὺς ποντικούς. Ἡ γάτα εἶνε ζῷον κυνηγετικὸν καὶ ἀκολουθεῖ τὸ ἔνστικτον, ἀλλὰ τὸ κυνήγι αὐτὸ εἶνε διδαγμένον ἀπὸ τὴν μητέρα. Ἐξεπλάγησαν οἱ ἐπιστήμονες ὅταν εἶδαν γατάκια μεγαλωμένα χωρὶς μητέρα νὰ παίζουν μὲ τοὺς ποντικοὺς ἀντὶ νὰ τοὺς κυνηγοῦν. Τὸ πείραμα ἀπέδειξε ὅτι τὸ ἔνστικτον δὲν ἀρκεῖ καὶ ὅτι ἡ ἀγωγὴ παίζει σπουδαῖον ρόλον εἰς τὴν ζωὴν τῶν ζῴων, ὅπως καὶ τῶν ἀνθρώπων. Αἱ παρατηρήσεις αὗται εἶνε πολύτιμοι διὰ τὴν ψυχολογίαν.
Ἡ γάτα εἶνε τὸ ζῷον τοῦ σπιτιοῦ, ἀλλὰ διατηρεῖ πάντοτε κάτι ἀπὸ τὴν ἀγριότητα τῶν προγόνων της. Ἀγαπᾷ τὴν θαλπωρήν, τὸ φῶς καὶ τὴν ἡσυχίαν, καὶ ζητεῖ τὴν ἐλευθερίαν της.
ΙΡΜΑ Η ΤΣΙΓΓΑΝΑ
ΕΡΩΣ, ΠΑΘΟΣ, ΓΟΗΤΕΙΑ
ΠΕΡΙΠΕΤΕΙΑΙ
(68)
— Τὰ χρήματα, τὰ χρήματα, ἐπέμενεν ὁ Ἄρθουρ.
— Ὁ Βιδὰλ ἐξηκολούθει τότε νὰ ἀρνῆται καὶ νὰ ἐξηγῇ ὅτι δὲν ἔχει οὔτε μίαν δεκάραν. Ἡ ἀπελπισία του ἦτο μεγάλη. Ὁ Σὴπ ἐζήτει νὰ μάθῃ ποῦ εὑρίσκεται ἡ Ἴρμα.
— Ὥστε, σὺ βλέπεις, εἶπε ὁ Ἄρθουρ, ἔχομεν παραγγελίαν ἀπὸ τὸν κ. Πετρώφ νὰ σᾶς ὁδηγήσωμεν εἰς τὸν ἀσφαλῆ τόπον.
— Εἶμαι εὐτυχής, εἶπε ὁ Βιδάλ.
— Ἡ θαλαμηγὸς εἶνε ἕτοιμος καὶ θὰ ἀναχωρήσωμεν ἀπόψε. Οἱ δύο ἄνδρες ἐπεβιβάσθησαν σιωπηλῶς.
Ὅταν ἔφθασαν εἰς τὸ κατάστρωμα, ὁ Βιδὰλ ἠρώτησε πάλιν διὰ τὴν Ἴρμα. Ὁ Ἄρθουρ ἐμειδίασε καὶ τοῦ ἀπήντησεν ὅτι ἡ τσιγγάνα εὑρίσκεται ἐν ἀσφαλείᾳ εἰς τὸ μικρὸν χωρίον παρὰ τὴν θάλασσαν.
— Ἀλλὰ δὲν μοῦ λέγεις, ποῖος θὰ μᾶς ὁδηγήσῃ ἐκεῖ; ἠρώτησεν ὁ Σήπ.
— Ἐγὼ ὁ ἴδιος, ἀπήντησεν ὁ Ἄρθουρ.
Ἡ νὺξ ἦτο σκοτεινὴ καὶ ἡ θάλασσα ταραγμένη. Ὁ ἄνεμος ἐσφύριζε μέσα εἰς τὰ ἱστία καὶ τὰ κύματα ἐκτυποῦσαν τὸ πλοῖον.
— Ὁ Βιδὰλ ἐξηκολούθει τότε νὰ ἀρνῆται καὶ νὰ ἐξηγῇ ὅτι δὲν ἔχει οὔτε μίαν δεκάραν. Ἡ ἀπελπισία του ἦτο μεγάλη. Ὁ Σὴπ ἐζήτει νὰ μάθῃ ποῦ εὑρίσκεται ἡ Ἴρμα.
Ὅταν ἔφθασαν εἰς τὸ κατάστρωμα, ὁ Βιδὰλ ἠρώτησε πάλιν διὰ τὴν Ἴρμα. Ὁ Ἄρθουρ ἐμειδίασε καὶ τοῦ ἀπήντησεν ὅτι ἡ τσιγγάνα εὑρίσκεται ἐν ἀσφαλείᾳ εἰς τὸ μικρὸν χωρίον παρὰ τὴν θάλασσαν.
Ἡ νὺξ ἦτο σκοτεινὴ καὶ ἡ θάλασσα ταραγμένη. Ὁ ἄνεμος ἐσφύριζε μέσα εἰς τὰ ἱστία καὶ τὰ κύματα ἐκτυποῦσαν τὸ πλοῖον.
Πῶς ἀπεσοβήθη ὁ κίνδυνος
Ὅταν ὁ Βιδὰλ καὶ ὁ Σὴπ ἔφθασαν εἰς τὴν ἀκτήν, εὗρον τὴν Ἴρμαν ἀναμένουσαν. Ἡ χαρὰ των ὑπῆρξε μεγάλη. Ἀλλὰ ὁ κίνδυνος δὲν εἶχε παρέλθει ἀκόμη, διότι οἱ διῶκται των ἠκολούθουν κατὰ πόδας.
Ὅταν ἔφθασαν εἰς τὸ κατάστρωμα, ὁ Βιδὰλ ἠρώτησε πάλιν διὰ τὴν Ἴρμα. Ὁ Ἄρθουρ ἐμειδίασε καὶ τοῦ ἀπήντησεν ὅτι ἡ τσιγγάνα εὑρίσκεται ἐν ἀσφαλείᾳ εἰς τὸ μικρὸν χωρίον παρὰ τὴν θάλασσαν.
Ὅταν ὁ Βιδὰλ καὶ ὁ Σὴπ ἔφθασαν εἰς τὴν ἀκτήν, εὗρον τὴν Ἴρμαν ἀναμένουσαν. Ἡ χαρὰ των ὑπῆρξε μεγάλη. Ἀλλὰ ὁ κίνδυνος δὲν εἶχε παρέλθει ἀκόμη, διότι οἱ διῶκται των ἠκολούθουν κατὰ πόδας.
— Ἄς φύγωμεν ἀμέσως! — Ἀλλὰ δὲν μᾶς μένει ἄλλος δρόμος. Ἔνα ἔνα, εἶπεν ἡ Ἴρμα, θὰ περάσωμεν ἀπὸ τὸ μονοπάτι. Ἡ Σεβαστή μου μένει ἐδῶ.
Αἴσθημα, αἱ διαταγαί σου ἐξετελέσθησαν. Ὁ Βιδὰλ δὲν θὰ ἠμπορέσῃ νὰ ἐπιστρέψῃ εἰς τὸν κύριόν του. Ὁ Σὴπ θὰ εἶναι εὐτυχής.
— Ναί, ἔχω ἀκούσει Βιδὰλ, ἀπήντησεν. Ἀλλὰ ἐγὼ δὲν θὰ σᾶς ἀφήσω νὰ κάμετε τοῦτο.
— Ἡ ζωὴ καὶ ἡ θάλασσα, ἀδελφέ μου, εἶνε μεγάλα πράγματα. Καὶ ὅσοι δὲν τὰ γνωρίζουν, δὲν ἠμποροῦν νὰ ζήσουν.
— Ἐγὼ θὰ σᾶς ὁδηγήσω, ἀλλ' ὅταν φθάσωμεν εἰς τὸ σημεῖον, θὰ ἀφήσετε τὴν Ἴρμαν ἐλευθέραν.
Καὶ ὅπως εἶπε, ἔπραξε. Ὁ Ἄρθουρ καὶ οἱ σύντροφοί του ἐχάθησαν μέσα εἰς τὸ σκότος.
Αἴσθημα, αἱ διαταγαί σου ἐξετελέσθησαν. Ὁ Βιδὰλ δὲν θὰ ἠμπορέσῃ νὰ ἐπιστρέψῃ εἰς τὸν κύριόν του. Ὁ Σὴπ θὰ εἶναι εὐτυχής.
— Ἡ ζωὴ καὶ ἡ θάλασσα, ἀδελφέ μου, εἶνε μεγάλα πράγματα. Καὶ ὅσοι δὲν τὰ γνωρίζουν, δὲν ἠμποροῦν νὰ ζήσουν.
— Ναί, ἔχω ἀκούσει Βιδὰλ, ἀπήντησεν. Ἀλλὰ ἐγὼ δὲν θὰ σᾶς ἀφήσω νὰ κάμετε τοῦτο.
Καὶ ἐφάνη πάλιν ὁ ἥλιος εἰς τὸν ὁρίζοντα. Τὸ πλοῖον ἐξηκολούθει τὸν δρόμον του. (Ἀκολουθεῖ)
ΕΠΙΜΕΛΗΤΕΙΑ ΥΙ ΜΕΡΑΡΧΙΑΣ
ΠΡΟΚΗΡΥΞΙΣ ΔΗΜΟΠΡΑΣΙΑΣ
Αριθ. 580
Η Επιμελητεία ΥΙ Μεραρχίας προκηρύσσει ότι την 29 Νοεμβρίου ε. ε. θα ενεργηθή εις το γραφείον της δημοπρασία διά την προμήθειαν χόρτου, αχύρου και καυσόξυλων διά τας ανάγκας των Μονάδων της Μεραρχίας. Οι όροι εκτίθενται εις το γραφείον. Η δημοπρασία θα διεξαχθή ώρας 10—12 π. μ.
Σέρραι τη 19η Νοεμβρίου 1924
Α. ΑΝΤΩΝΟΠΟΥΛΟΣ
ΠΡΟΚΛΗΣΙΣ ΚΡΗΝΑΙΩΝ
Προκαλούνται πάντες οι δικαιούχοι των κρηναίων υδάτων του Κεφαλοχωρίου να προσέλθωσιν εις το γραφείον της Κοινότητος προς απόδειξιν των δικαιωμάτων των εντός προθεσμίας 15 ημερών.
Η Επιτροπή
ΑΔΑΜΑΝΤΙΟΣ ΠΕΤΣΙΟΣ
ΟΙΚΟΣ ΑΝΤΙΠΡΟΣΩΠΕΙΩΝ
ΙΔΡΥΘΕΙΣ ΤΩ 1893
Λεωφόρος Νίκης 3 — ΘΕΣΣΑΛΟΝΙΚΗ — αριθ. τηλ. 3
ΓΕΝΙΚΟΣ ΠΡΑΚΤΩΡ
της Ανωνύμου Ελληνικής Ασφαλιστικής Εταιρείας πυρός και Ατυχημάτων Εργασίας
"ΑΝΑΤΟΛΗ"
ΙΔΡΥΘΕΙΣΗΣ ΤΩ 1907
Ησφαλισμένα Κεφάλαια μέχρι 31 Δεκεμβρίου 1923
Δραχμαί 150.000.000
ΑΜΕΣΟΣ ΔΙΑΚΑΝΟΝΙΣΜΟΣ ΕΝΤΑΥΘΑ
